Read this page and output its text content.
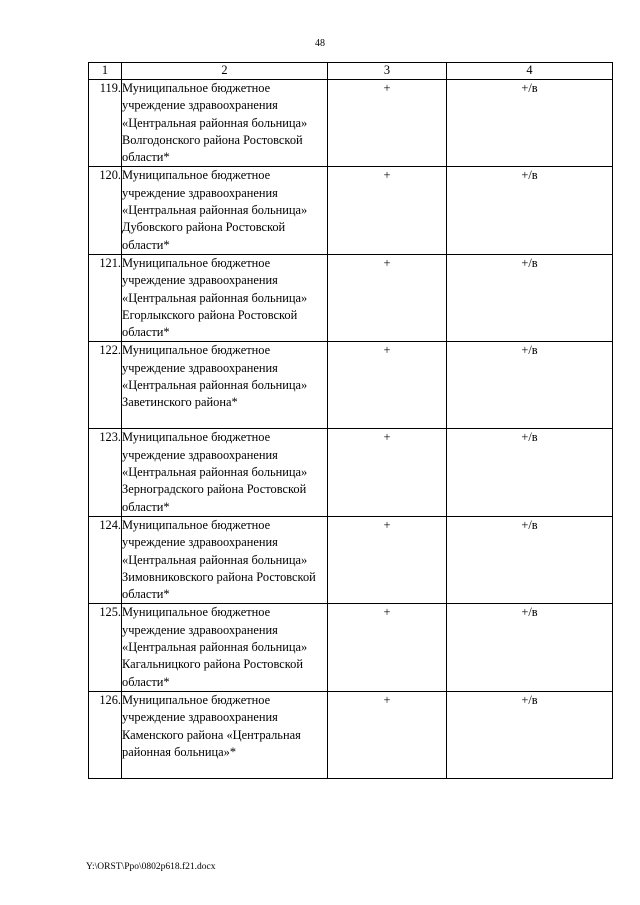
48
1	2	3	4
119.	Муниципальное бюджетное учреждение здравоохранения «Центральная районная больница» Волгодонского района Ростовской области*	+	+/в
120.	Муниципальное бюджетное учреждение здравоохранения «Центральная районная больница» Дубовского района Ростовской области*	+	+/в
121.	Муниципальное бюджетное учреждение здравоохранения «Центральная районная больница» Егорлыкского района Ростовской области*	+	+/в
122.	Муниципальное бюджетное учреждение здравоохранения «Центральная районная больница» Заветинского района*	+	+/в
123.	Муниципальное бюджетное учреждение здравоохранения «Центральная районная больница» Зерноградского района Ростовской области*	+	+/в
124.	Муниципальное бюджетное учреждение здравоохранения «Центральная районная больница» Зимовниковского района Ростовской области*	+	+/в
125.	Муниципальное бюджетное учреждение здравоохранения «Центральная районная больница» Кагальницкого района Ростовской области*	+	+/в
126.	Муниципальное бюджетное учреждение здравоохранения Каменского района «Центральная районная больница»*	+	+/в
Y:\ORST\Ppo\0802p618.f21.docx
